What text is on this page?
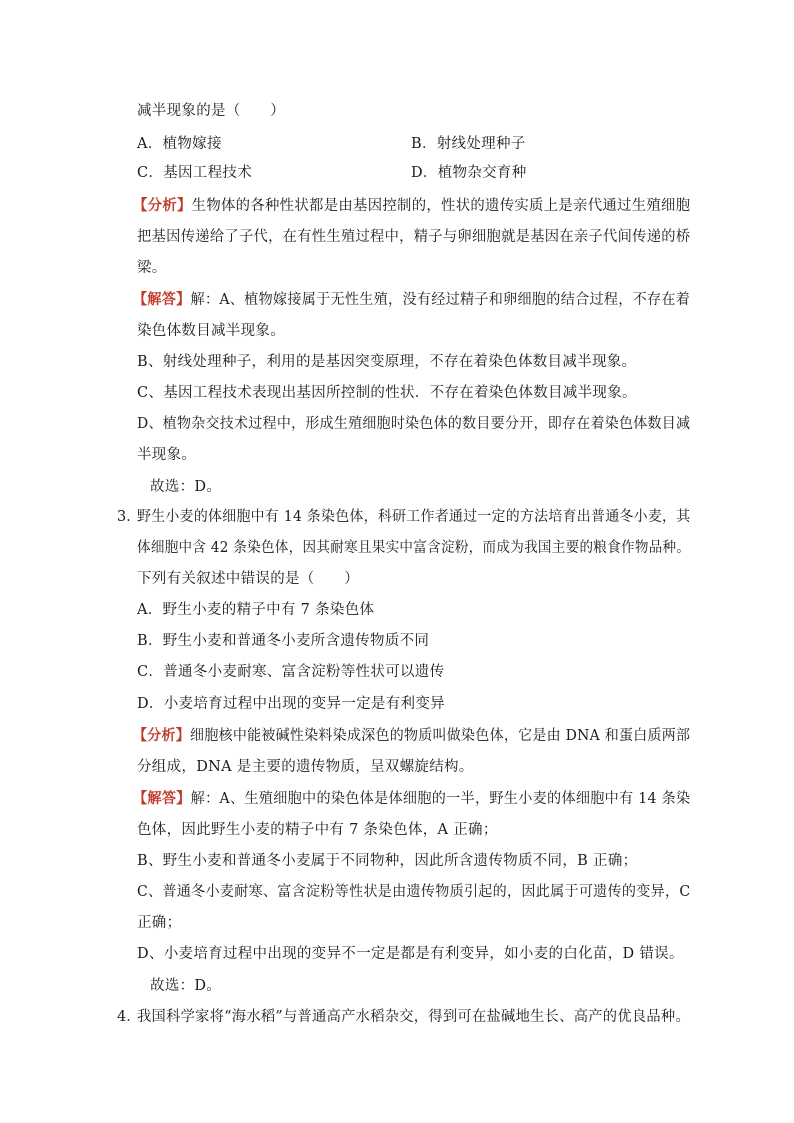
减半现象的是（　　）
A．植物嫁接	B．射线处理种子
C．基因工程技术	D．植物杂交育种
【分析】生物体的各种性状都是由基因控制的，性状的遗传实质上是亲代通过生殖细胞
把基因传递给了子代，在有性生殖过程中，精子与卵细胞就是基因在亲子代间传递的桥
梁。
【解答】解：A、植物嫁接属于无性生殖，没有经过精子和卵细胞的结合过程，不存在着
染色体数目减半现象。
B、射线处理种子，利用的是基因突变原理，不存在着染色体数目减半现象。
C、基因工程技术表现出基因所控制的性状．不存在着染色体数目减半现象。
D、植物杂交技术过程中，形成生殖细胞时染色体的数目要分开，即存在着染色体数目减
半现象。
故选：D。
3．
野生小麦的体细胞中有 14 条染色体，科研工作者通过一定的方法培育出普通冬小麦，其
体细胞中含 42 条染色体，因其耐寒且果实中富含淀粉，而成为我国主要的粮食作物品种。
下列有关叙述中错误的是（　　）
A．野生小麦的精子中有 7 条染色体
B．野生小麦和普通冬小麦所含遗传物质不同
C．普通冬小麦耐寒、富含淀粉等性状可以遗传
D．小麦培育过程中出现的变异一定是有利变异
【分析】细胞核中能被碱性染料染成深色的物质叫做染色体，它是由 DNA 和蛋白质两部
分组成，DNA 是主要的遗传物质，呈双螺旋结构。
【解答】解：A、生殖细胞中的染色体是体细胞的一半，野生小麦的体细胞中有 14 条染
色体，因此野生小麦的精子中有 7 条染色体，A 正确；
B、野生小麦和普通冬小麦属于不同物种，因此所含遗传物质不同，B 正确；
C、普通冬小麦耐寒、富含淀粉等性状是由遗传物质引起的，因此属于可遗传的变异，C
正确；
D、小麦培育过程中出现的变异不一定是都是有利变异，如小麦的白化苗，D 错误。
故选：D。
4．
我国科学家将“海水稻”与普通高产水稻杂交，得到可在盐碱地生长、高产的优良品种。
